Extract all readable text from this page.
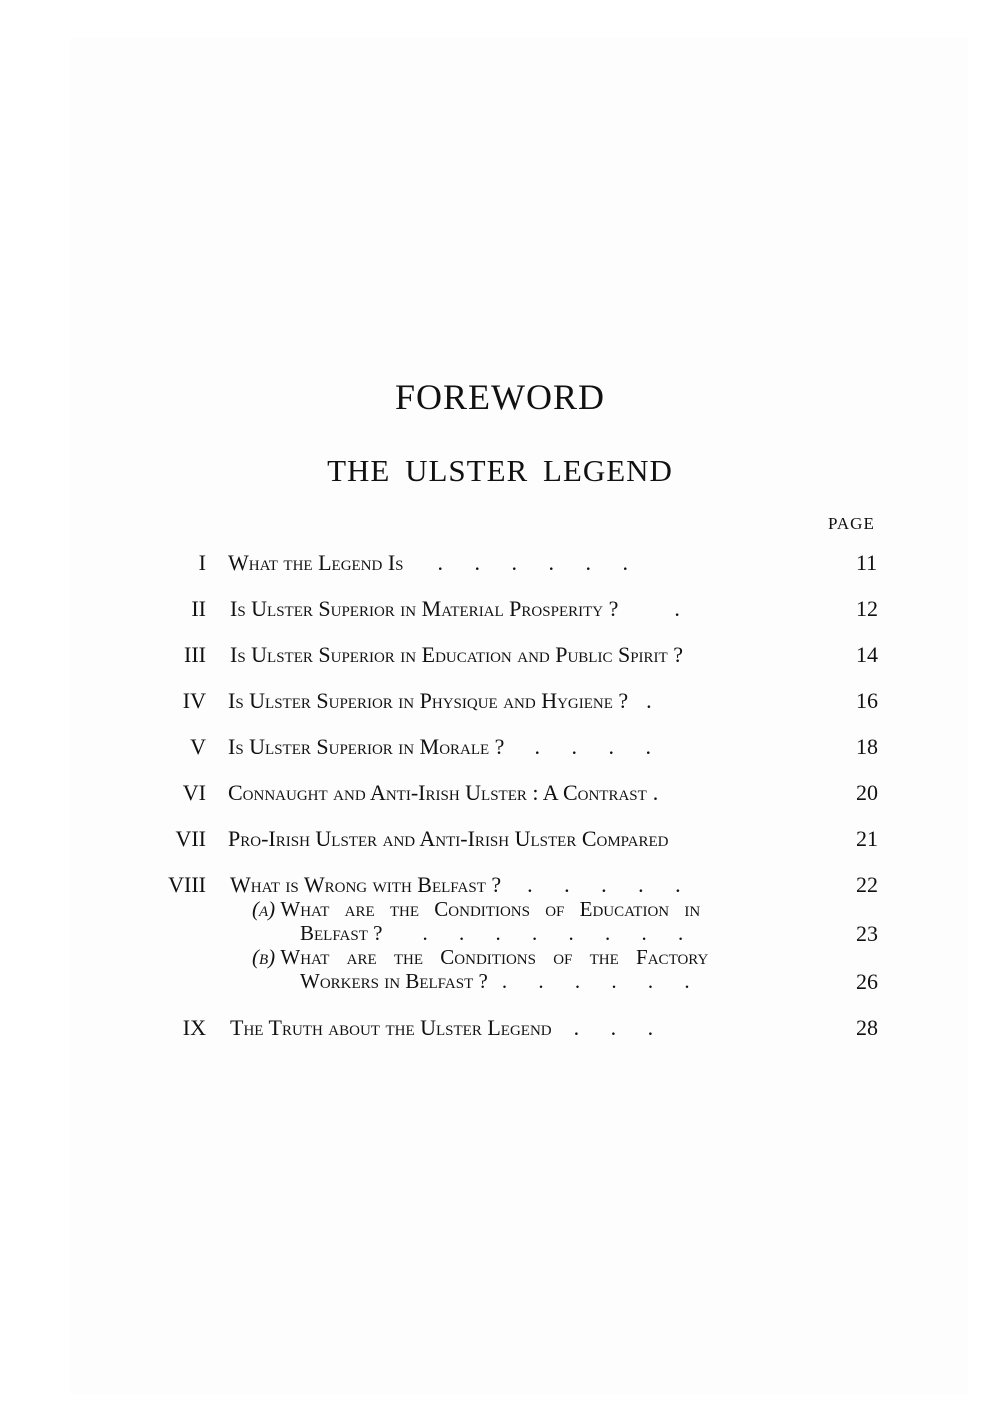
FOREWORD
THE ULSTER LEGEND
PAGE
I What the Legend Is . . . . . .	11
II Is Ulster Superior in Material Prosperity ?	.	12
III Is Ulster Superior in Education and Public Spirit ?	14
IV Is Ulster Superior in Physique and Hygiene ? .	16
V Is Ulster Superior in Morale ? . . . .	18
VI Connaught and Anti-Irish Ulster : A Contrast .	20
VII Pro-Irish Ulster and Anti-Irish Ulster Compared	21
VIII What is Wrong with Belfast ? . . . . .	22
(a) What are the Conditions of Education in
Belfast ? . . . . . . . .	23
(b) What are the Conditions of the Factory
Workers in Belfast ? . . . . . .	26
IX The Truth about the Ulster Legend . . .	28
